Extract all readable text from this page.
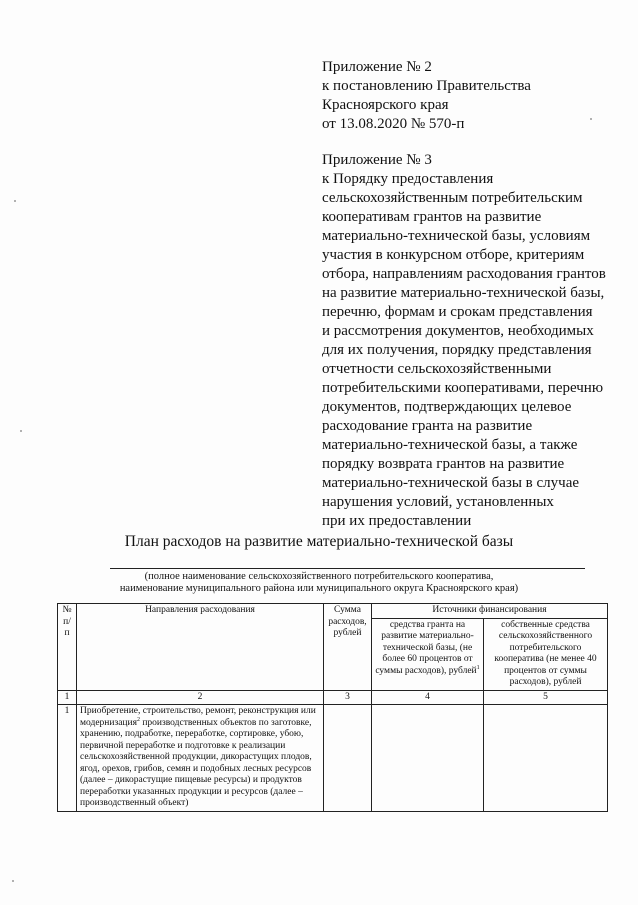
Приложение № 2
к постановлению Правительства
Красноярского края
от 13.08.2020 № 570-п
Приложение № 3
к Порядку предоставления
сельскохозяйственным потребительским
кооперативам грантов на развитие
материально-технической базы, условиям
участия в конкурсном отборе, критериям
отбора, направлениям расходования грантов
на развитие материально-технической базы,
перечню, формам и срокам представления
и рассмотрения документов, необходимых
для их получения, порядку представления
отчетности сельскохозяйственными
потребительскими кооперативами, перечню
документов, подтверждающих целевое
расходование гранта на развитие
материально-технической базы, а также
порядку возврата грантов на развитие
материально-технической базы в случае
нарушения условий, установленных
при их предоставлении
План расходов на развитие материально-технической базы
(полное наименование сельскохозяйственного потребительского кооператива,
наименование муниципального района или муниципального округа Красноярского края)
№ п/п	Направления расходования	Сумма расходов, рублей	Источники финансирования	
			средства гранта на развитие материально-технической базы, (не более 60 процентов от суммы расходов), рублей$^1$	собственные средства сельскохозяйственного потребительского кооператива (не менее 40 процентов от суммы расходов), рублей
1	2	3	4	5
1	Приобретение, строительство, ремонт, реконструкция или модернизация$^2$ производственных объектов по заготовке, хранению, подработке, переработке, сортировке, убою, первичной переработке и подготовке к реализации сельскохозяйственной продукции, дикорастущих плодов, ягод, орехов, грибов, семян и подобных лесных ресурсов (далее – дикорастущие пищевые ресурсы) и продуктов переработки указанных продукции и ресурсов (далее – производственный объект)			
